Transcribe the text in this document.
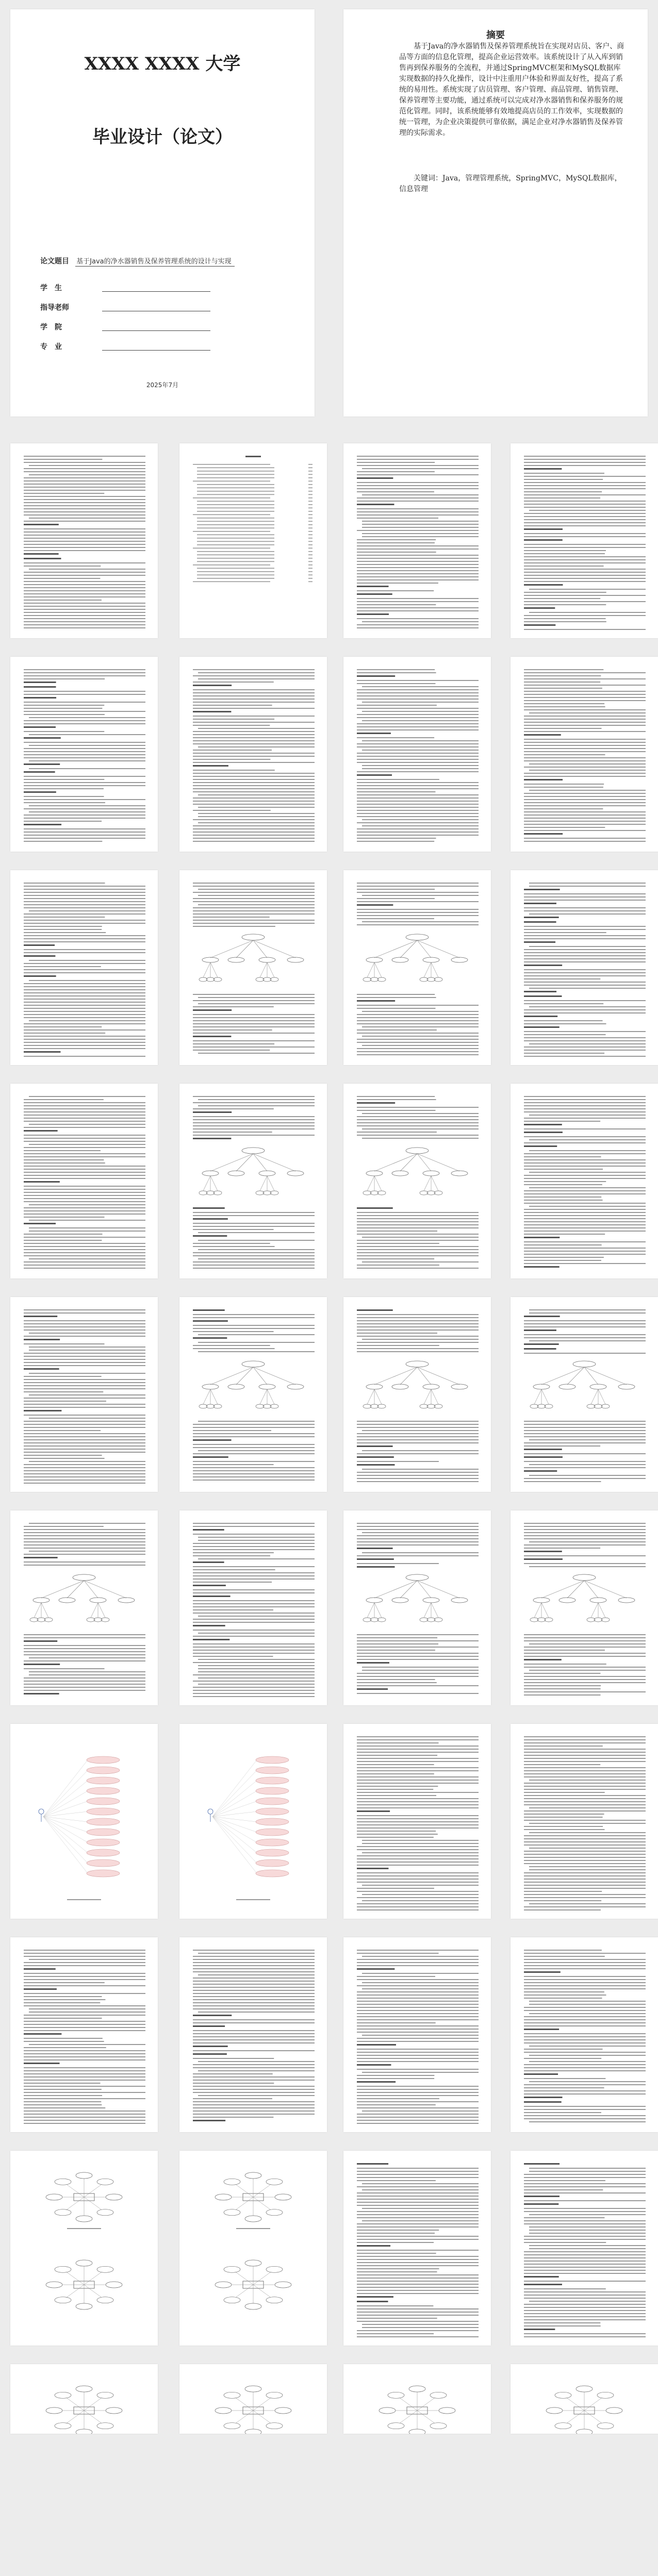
XXXX XXXX 大学
毕业设计（论文）
论文题目 基于Java的净水器销售及保养管理系统的设计与实现
学　生
指导老师
学　院
专　业
2025年7月
摘要
基于Java的净水器销售及保养管理系统旨在实现对店员、客户、商品等方面的信息化管理，提高企业运营效率。该系统设计了从入库到销售再到保养服务的全流程，并通过SpringMVC框架和MySQL数据库实现数据的持久化操作，设计中注重用户体验和界面友好性，提高了系统的易用性。系统实现了店员管理、客户管理、商品管理、销售管理、保养管理等主要功能，通过系统可以完成对净水器销售和保养服务的规范化管理。同时，该系统能够有效地提高店员的工作效率，实现数据的统一管理，为企业决策提供可靠依据，满足企业对净水器销售及保养管理的实际需求。
关键词：Java，管理管理系统，SpringMVC，MySQL数据库，信息管理
